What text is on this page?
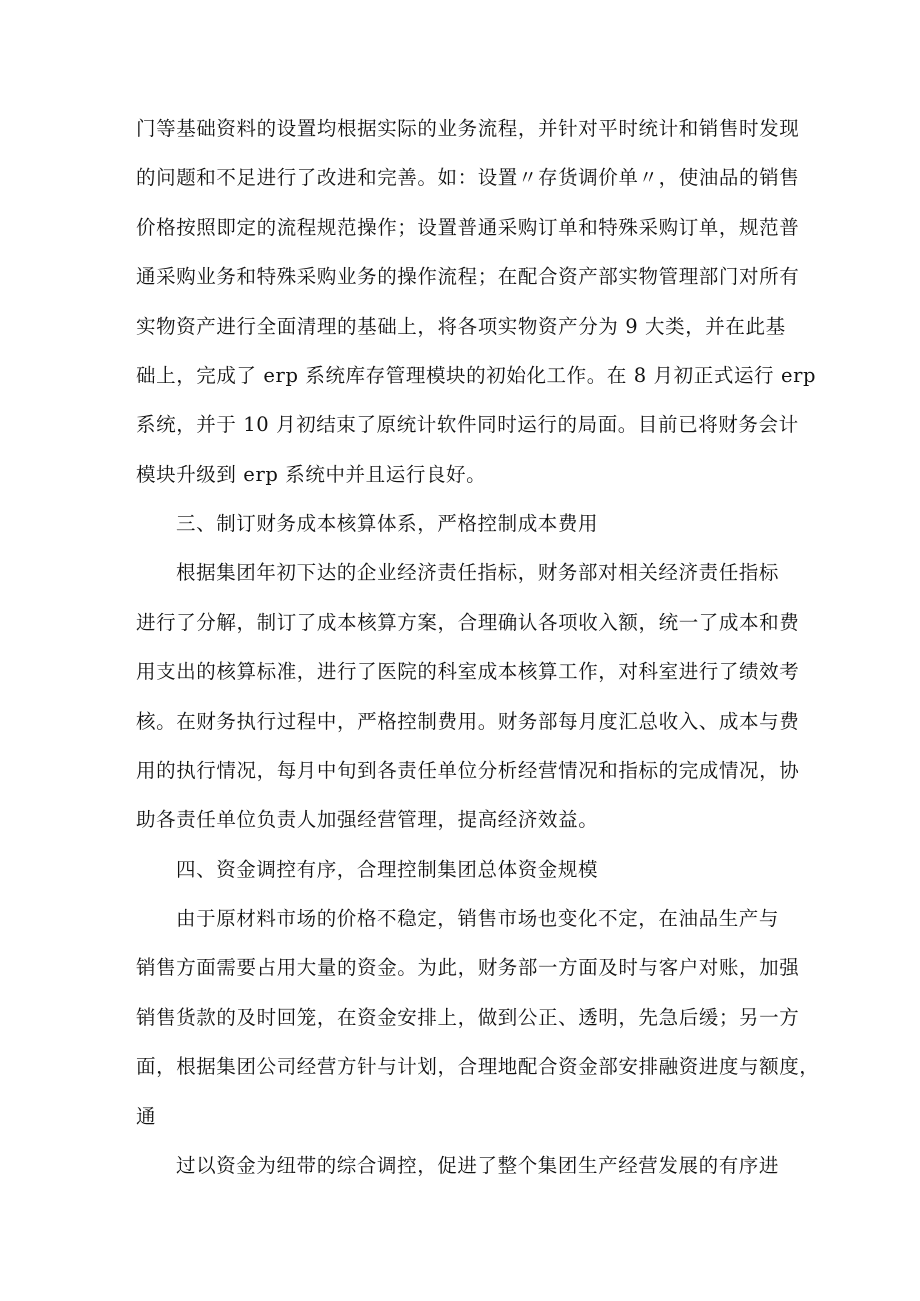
门等基础资料的设置均根据实际的业务流程，并针对平时统计和销售时发现
的问题和不足进行了改进和完善。如：设置〃存货调价单〃，使油品的销售
价格按照即定的流程规范操作；设置普通采购订单和特殊采购订单，规范普
通采购业务和特殊采购业务的操作流程；在配合资产部实物管理部门对所有
实物资产进行全面清理的基础上，将各项实物资产分为 9 大类，并在此基
础上，完成了 erp 系统库存管理模块的初始化工作。在 8 月初正式运行 erp
系统，并于 10 月初结束了原统计软件同时运行的局面。目前已将财务会计
模块升级到 erp 系统中并且运行良好。
三、制订财务成本核算体系，严格控制成本费用
根据集团年初下达的企业经济责任指标，财务部对相关经济责任指标
进行了分解，制订了成本核算方案，合理确认各项收入额，统一了成本和费
用支出的核算标准，进行了医院的科室成本核算工作，对科室进行了绩效考
核。在财务执行过程中，严格控制费用。财务部每月度汇总收入、成本与费
用的执行情况，每月中旬到各责任单位分析经营情况和指标的完成情况，协
助各责任单位负责人加强经营管理，提高经济效益。
四、资金调控有序，合理控制集团总体资金规模
由于原材料市场的价格不稳定，销售市场也变化不定，在油品生产与
销售方面需要占用大量的资金。为此，财务部一方面及时与客户对账，加强
销售货款的及时回笼，在资金安排上，做到公正、透明，先急后缓；另一方
面，根据集团公司经营方针与计划，合理地配合资金部安排融资进度与额度，
通
过以资金为纽带的综合调控，促进了整个集团生产经营发展的有序进
